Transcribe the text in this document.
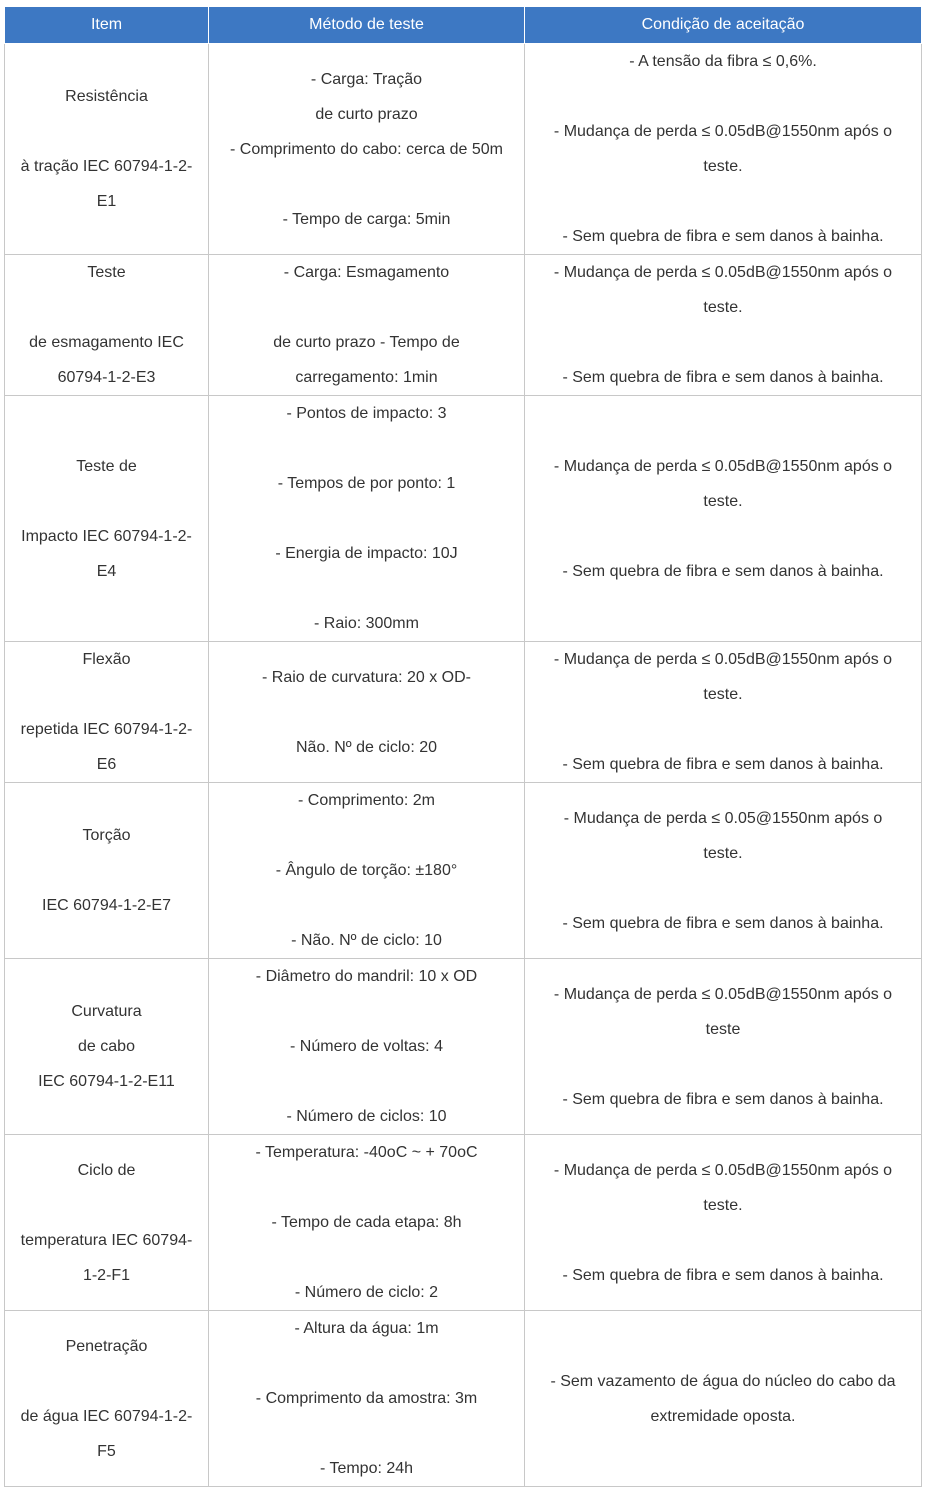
Item	Método de teste	Condição de aceitação

Resistência
à tração IEC 60794-1-2-
E1	- Carga: Tração
de curto prazo
- Comprimento do cabo: cerca de 50m
- Tempo de carga: 5min	- A tensão da fibra ≤ 0,6%.
- Mudança de perda ≤ 0.05dB@1550nm após o
teste.
- Sem quebra de fibra e sem danos à bainha.

Teste
de esmagamento IEC
60794-1-2-E3	- Carga: Esmagamento
de curto prazo - Tempo de
carregamento: 1min	- Mudança de perda ≤ 0.05dB@1550nm após o
teste.
- Sem quebra de fibra e sem danos à bainha.

Teste de
Impacto IEC 60794-1-2-
E4	- Pontos de impacto: 3
- Tempos de por ponto: 1
- Energia de impacto: 10J
- Raio: 300mm	- Mudança de perda ≤ 0.05dB@1550nm após o
teste.
- Sem quebra de fibra e sem danos à bainha.

Flexão
repetida IEC 60794-1-2-
E6	- Raio de curvatura: 20 x OD-
Não. Nº de ciclo: 20	- Mudança de perda ≤ 0.05dB@1550nm após o
teste.
- Sem quebra de fibra e sem danos à bainha.

Torção
IEC 60794-1-2-E7	- Comprimento: 2m
- Ângulo de torção: ±180°
- Não. Nº de ciclo: 10	- Mudança de perda ≤ 0.05@1550nm após o
teste.
- Sem quebra de fibra e sem danos à bainha.

Curvatura
de cabo
IEC 60794-1-2-E11	- Diâmetro do mandril: 10 x OD
- Número de voltas: 4
- Número de ciclos: 10	- Mudança de perda ≤ 0.05dB@1550nm após o
teste
- Sem quebra de fibra e sem danos à bainha.

Ciclo de
temperatura IEC 60794-
1-2-F1	- Temperatura: -40oC ~ + 70oC
- Tempo de cada etapa: 8h
- Número de ciclo: 2	- Mudança de perda ≤ 0.05dB@1550nm após o
teste.
- Sem quebra de fibra e sem danos à bainha.

Penetração
de água IEC 60794-1-2-
F5	- Altura da água: 1m
- Comprimento da amostra: 3m
- Tempo: 24h	- Sem vazamento de água do núcleo do cabo da
extremidade oposta.
